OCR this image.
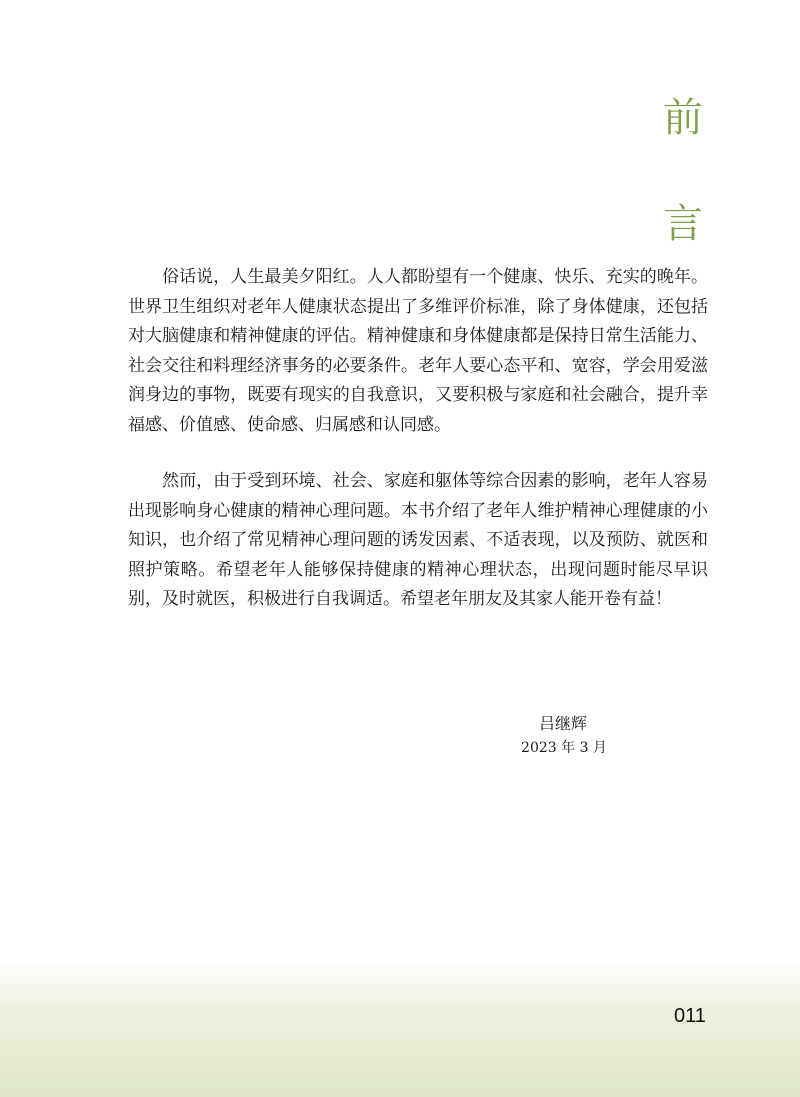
前
言

俗话说，人生最美夕阳红。人人都盼望有一个健康、快乐、充实的晚年。世界卫生组织对老年人健康状态提出了多维评价标准，除了身体健康，还包括对大脑健康和精神健康的评估。精神健康和身体健康都是保持日常生活能力、社会交往和料理经济事务的必要条件。老年人要心态平和、宽容，学会用爱滋润身边的事物，既要有现实的自我意识，又要积极与家庭和社会融合，提升幸福感、价值感、使命感、归属感和认同感。

然而，由于受到环境、社会、家庭和躯体等综合因素的影响，老年人容易出现影响身心健康的精神心理问题。本书介绍了老年人维护精神心理健康的小知识，也介绍了常见精神心理问题的诱发因素、不适表现，以及预防、就医和照护策略。希望老年人能够保持健康的精神心理状态，出现问题时能尽早识别，及时就医，积极进行自我调适。希望老年朋友及其家人能开卷有益！

吕继辉
2023 年 3 月
011
